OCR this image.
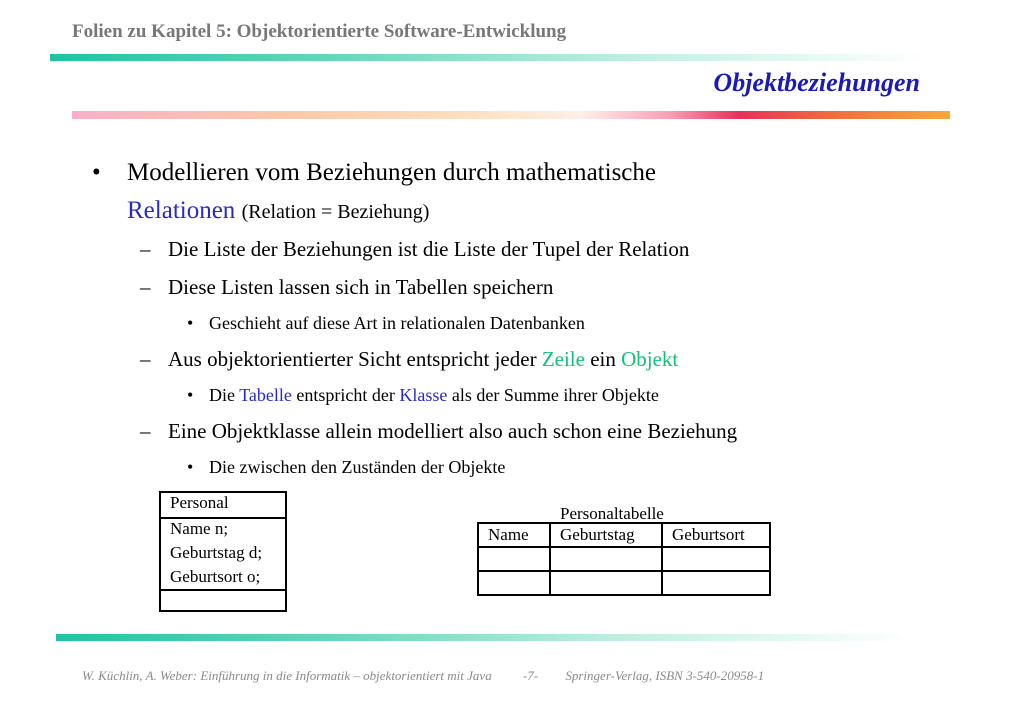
Folien zu Kapitel 5: Objektorientierte Software-Entwicklung
Objektbeziehungen
• Modellieren vom Beziehungen durch mathematische
Relationen (Relation = Beziehung)
– Die Liste der Beziehungen ist die Liste der Tupel der Relation
– Diese Listen lassen sich in Tabellen speichern
• Geschieht auf diese Art in relationalen Datenbanken
– Aus objektorientierter Sicht entspricht jeder Zeile ein Objekt
• Die Tabelle entspricht der Klasse als der Summe ihrer Objekte
– Eine Objektklasse allein modelliert also auch schon eine Beziehung
• Die zwischen den Zuständen der Objekte
Personal
Name n;
Geburtstag d;
Geburtsort o;
Personaltabelle
Name	Geburtstag	Geburtsort

W. Küchlin, A. Weber: Einführung in die Informatik – objektorientiert mit Java -7- Springer-Verlag, ISBN 3-540-20958-1
